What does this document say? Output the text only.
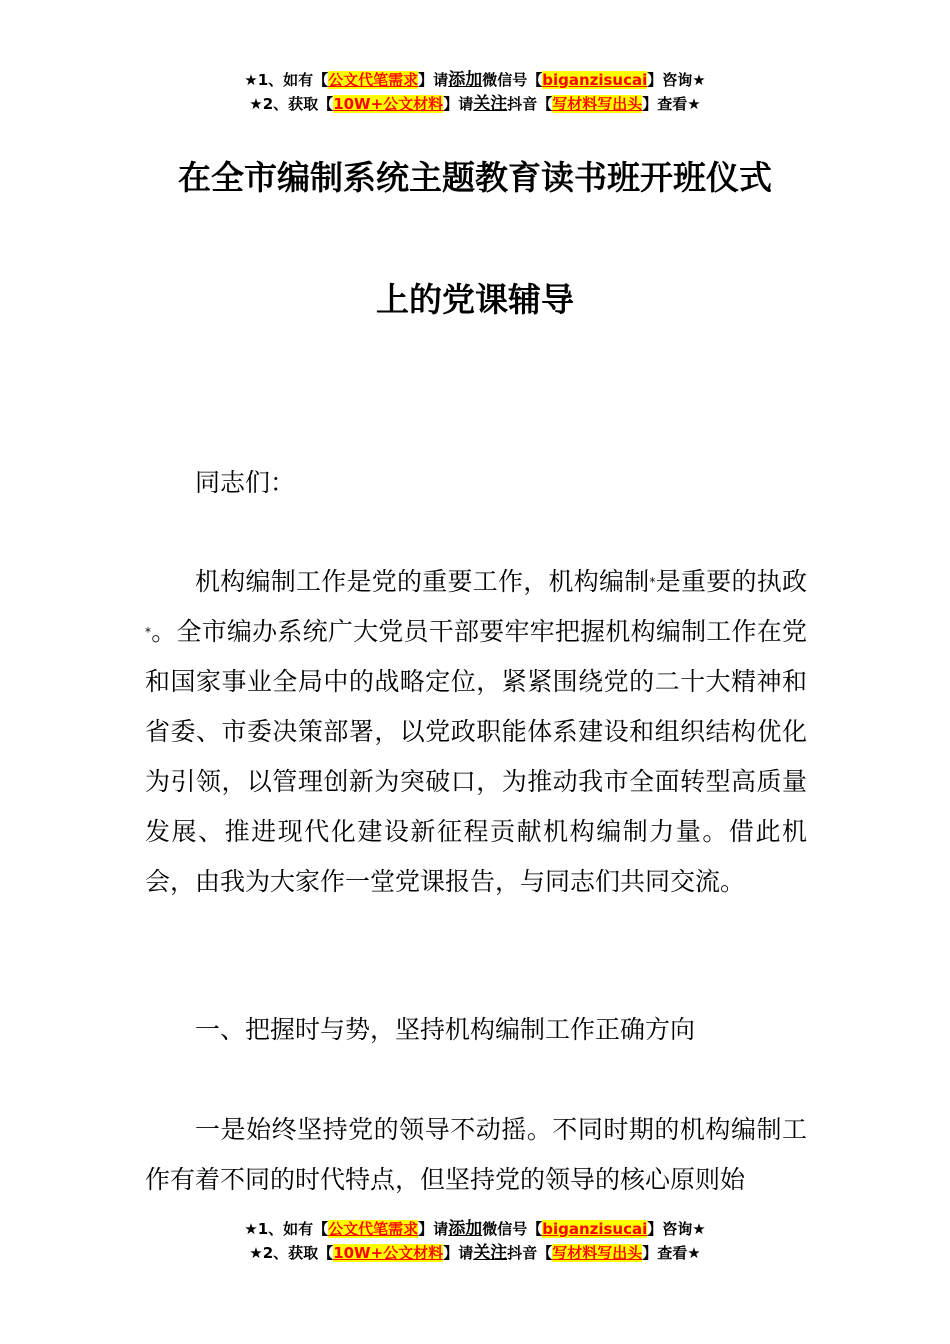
★1、如有【公文代笔需求】请添加微信号【biganzisucai】咨询★
★2、获取【10W+公文材料】请关注抖音【写材料写出头】查看★
在全市编制系统主题教育读书班开班仪式
上的党课辅导
同志们：
机构编制工作是党的重要工作，机构编制*是重要的执政*。全市编办系统广大党员干部要牢牢把握机构编制工作在党和国家事业全局中的战略定位，紧紧围绕党的二十大精神和省委、市委决策部署，以党政职能体系建设和组织结构优化为引领，以管理创新为突破口，为推动我市全面转型高质量发展、推进现代化建设新征程贡献机构编制力量。借此机会，由我为大家作一堂党课报告，与同志们共同交流。
一、把握时与势，坚持机构编制工作正确方向
一是始终坚持党的领导不动摇。不同时期的机构编制工作有着不同的时代特点，但坚持党的领导的核心原则始
★1、如有【公文代笔需求】请添加微信号【biganzisucai】咨询★
★2、获取【10W+公文材料】请关注抖音【写材料写出头】查看★
